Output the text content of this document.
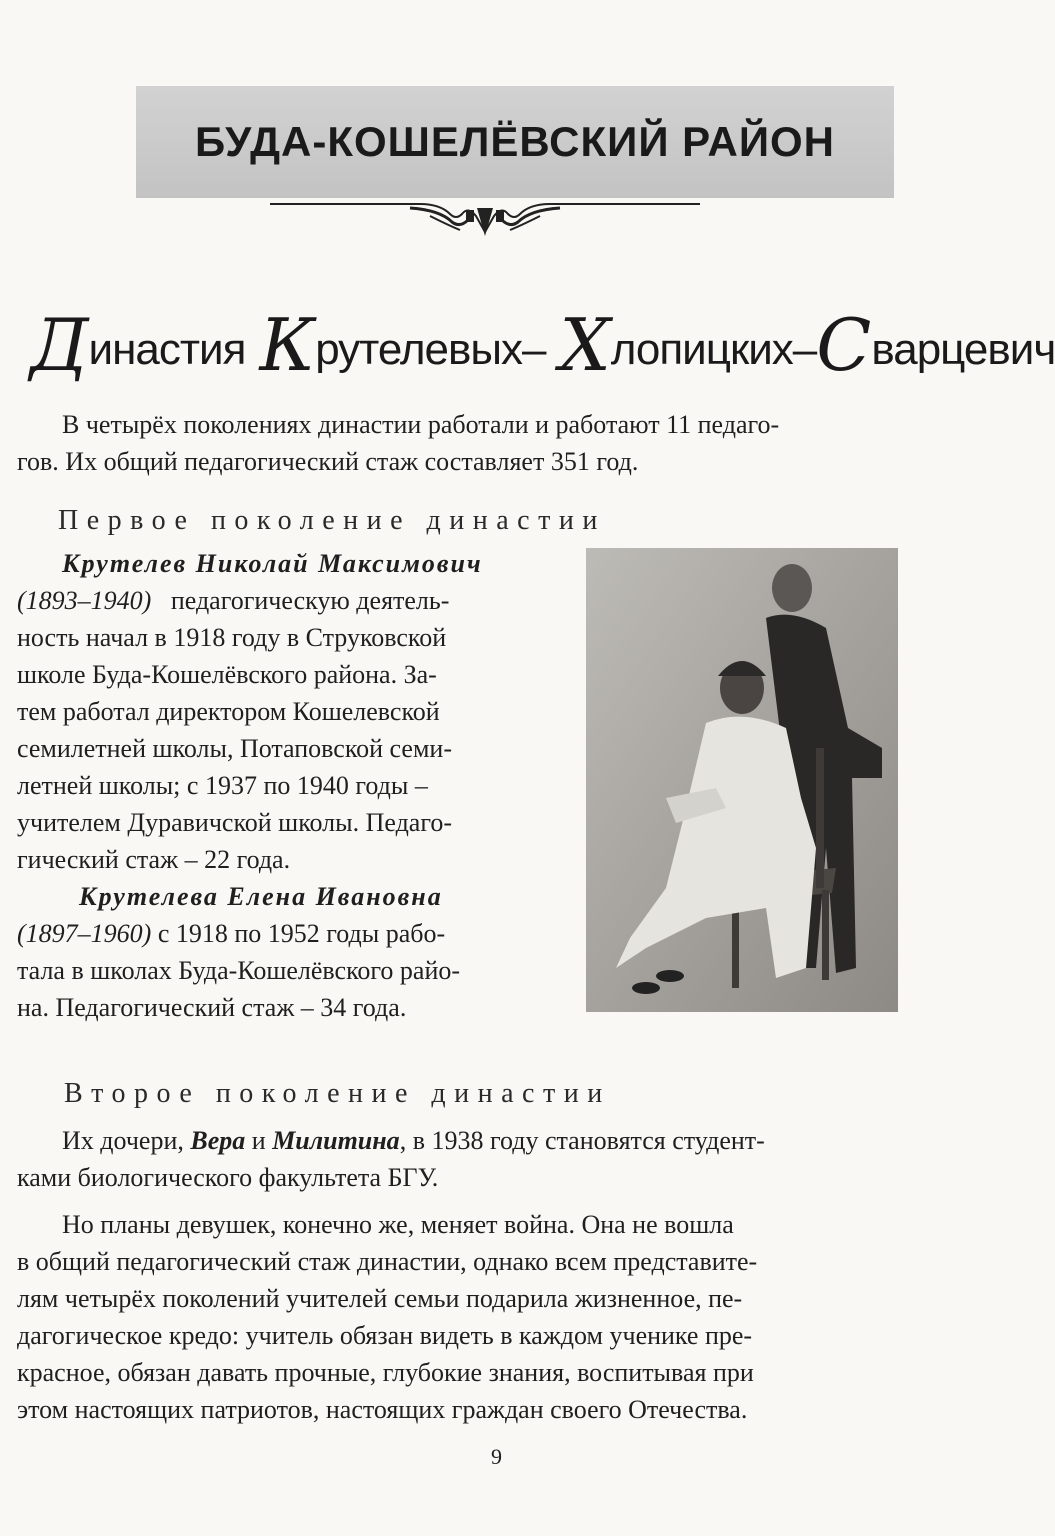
БУДА-КОШЕЛЁВСКИЙ РАЙОН
Династия Крутелевых– Хлопицких–Сварцевич
В четырёх поколениях династии работали и работают 11 педаго-
гов. Их общий педагогический стаж составляет 351 год.
Первое поколение династии
Крутелев Николай Максимович
(1893–1940) педагогическую деятель-
ность начал в 1918 году в Струковской
школе Буда-Кошелёвского района. За-
тем работал директором Кошелевской
семилетней школы, Потаповской семи-
летней школы; с 1937 по 1940 годы –
учителем Дуравичской школы. Педаго-
гический стаж – 22 года.
Крутелева Елена Ивановна
(1897–1960) с 1918 по 1952 годы рабо-
тала в школах Буда-Кошелёвского райо-
на. Педагогический стаж – 34 года.
Второе поколение династии
Их дочери, Вера и Милитина, в 1938 году становятся студент-
ками биологического факультета БГУ.
Но планы девушек, конечно же, меняет война. Она не вошла
в общий педагогический стаж династии, однако всем представите-
лям четырёх поколений учителей семьи подарила жизненное, пе-
дагогическое кредо: учитель обязан видеть в каждом ученике пре-
красное, обязан давать прочные, глубокие знания, воспитывая при
этом настоящих патриотов, настоящих граждан своего Отечества.
9
